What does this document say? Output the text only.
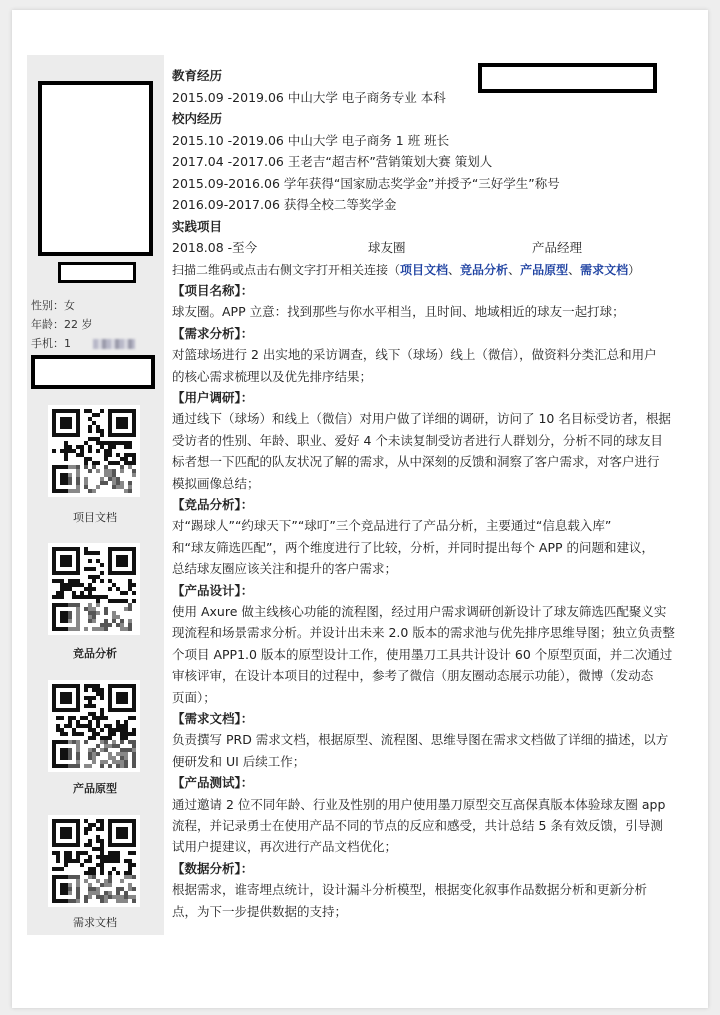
性别：女
年龄：22 岁
手机：1
项目文档
竞品分析
产品原型
需求文档
教育经历
2015.09 -2019.06 中山大学 电子商务专业 本科
校内经历
2015.10 -2019.06 中山大学 电子商务 1 班 班长
2017.04 -2017.06 王老吉“超吉杯”营销策划大赛 策划人
2015.09-2016.06 学年获得“国家励志奖学金”并授予“三好学生”称号
2016.09-2017.06 获得全校二等奖学金
实践项目
2018.08 -至今	球友圈	产品经理
扫描二维码或点击右侧文字打开相关连接（项目文档、竞品分析、产品原型、需求文档）
【项目名称】：
球友圈。APP 立意：找到那些与你水平相当，且时间、地域相近的球友一起打球；
【需求分析】：
对篮球场进行 2 出实地的采访调查，线下（球场）线上（微信），做资料分类汇总和用户
的核心需求梳理以及优先排序结果；
【用户调研】：
通过线下（球场）和线上（微信）对用户做了详细的调研，访问了 10 名目标受访者，根据
受访者的性别、年龄、职业、爱好 4 个未读复制受访者进行人群划分，分析不同的球友目
标者想一下匹配的队友状况了解的需求，从中深刻的反馈和洞察了客户需求，对客户进行
模拟画像总结；
【竞品分析】：
对“踢球人”“约球天下”“球叮”三个竞品进行了产品分析，主要通过“信息载入库”
和“球友筛选匹配”，两个维度进行了比较，分析，并同时提出每个 APP 的问题和建议，
总结球友圈应该关注和提升的客户需求；
【产品设计】：
使用 Axure 做主线核心功能的流程图，经过用户需求调研创新设计了球友筛选匹配聚义实
现流程和场景需求分析。并设计出未来 2.0 版本的需求池与优先排序思维导图；独立负责整
个项目 APP1.0 版本的原型设计工作，使用墨刀工具共计设计 60 个原型页面，并二次通过
审核评审，在设计本项目的过程中，参考了微信（朋友圈动态展示功能），微博（发动态
页面）；
【需求文档】：
负责撰写 PRD 需求文档，根据原型、流程图、思维导图在需求文档做了详细的描述，以方
便研发和 UI 后续工作；
【产品测试】：
通过邀请 2 位不同年龄、行业及性别的用户使用墨刀原型交互高保真版本体验球友圈 app
流程，并记录勇士在使用产品不同的节点的反应和感受，共计总结 5 条有效反馈，引导测
试用户提建议，再次进行产品文档优化；
【数据分析】：
根据需求，谁寄埋点统计，设计漏斗分析模型，根据变化叙事作品数据分析和更新分析
点，为下一步提供数据的支持；
